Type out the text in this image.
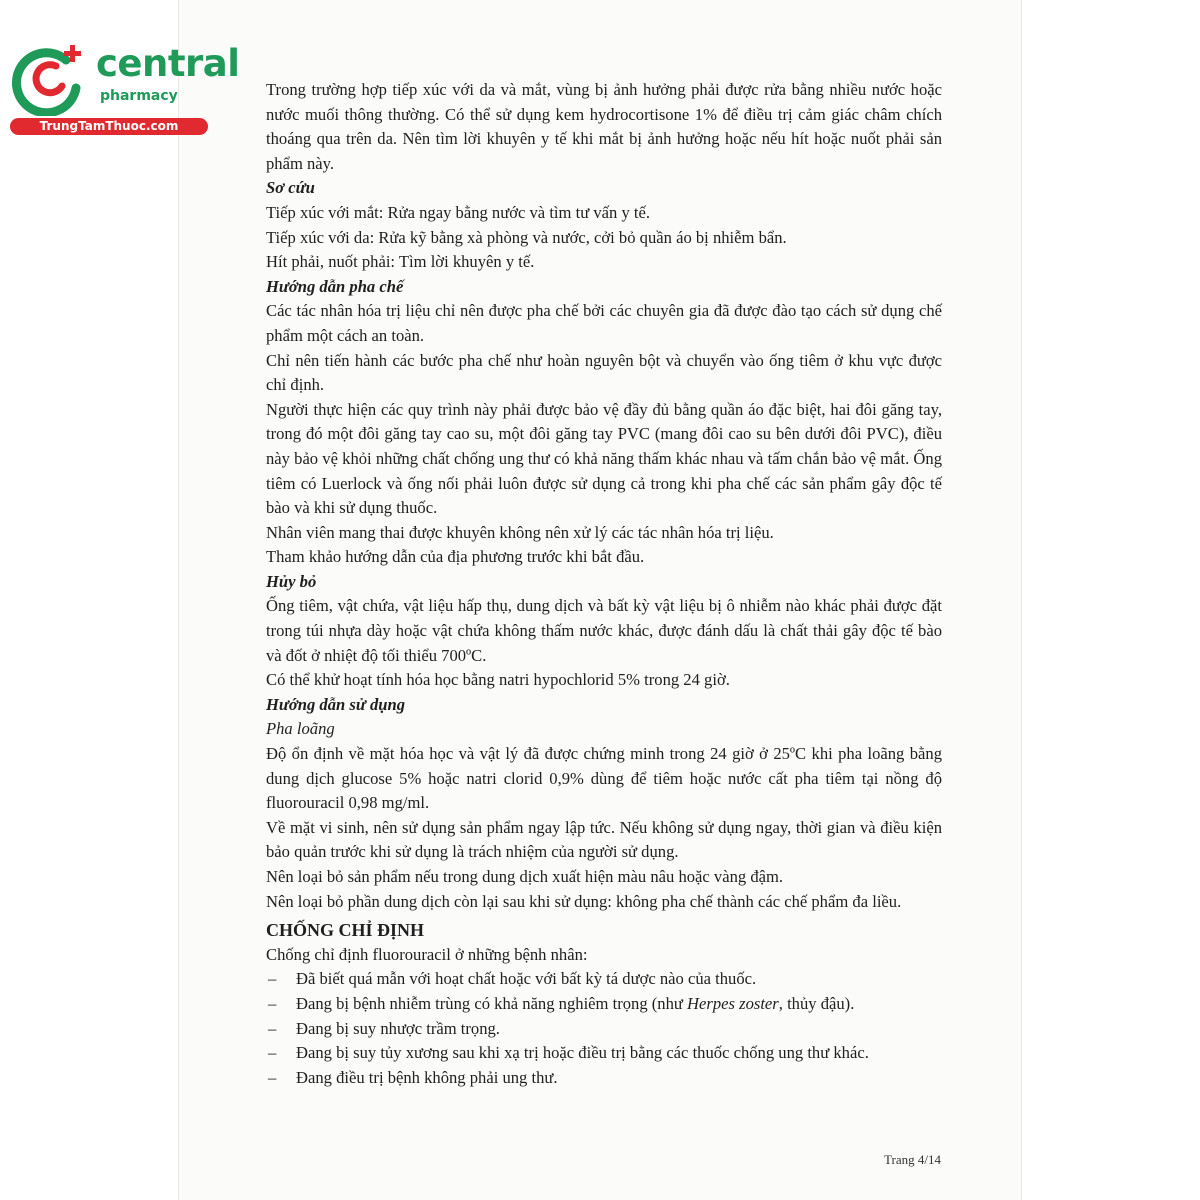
central
pharmacy
TrungTamThuoc.com

Trong trường hợp tiếp xúc với da và mắt, vùng bị ảnh hưởng phải được rửa bằng nhiều nước hoặc nước muối thông thường. Có thể sử dụng kem hydrocortisone 1% để điều trị cảm giác châm chích thoáng qua trên da. Nên tìm lời khuyên y tế khi mắt bị ảnh hưởng hoặc nếu hít hoặc nuốt phải sản phẩm này.

Sơ cứu

Tiếp xúc với mắt: Rửa ngay bằng nước và tìm tư vấn y tế.

Tiếp xúc với da: Rửa kỹ bằng xà phòng và nước, cởi bỏ quần áo bị nhiễm bẩn.

Hít phải, nuốt phải: Tìm lời khuyên y tế.

Hướng dẫn pha chế

Các tác nhân hóa trị liệu chỉ nên được pha chế bởi các chuyên gia đã được đào tạo cách sử dụng chế phẩm một cách an toàn.

Chỉ nên tiến hành các bước pha chế như hoàn nguyên bột và chuyển vào ống tiêm ở khu vực được chỉ định.

Người thực hiện các quy trình này phải được bảo vệ đầy đủ bằng quần áo đặc biệt, hai đôi găng tay, trong đó một đôi găng tay cao su, một đôi găng tay PVC (mang đôi cao su bên dưới đôi PVC), điều này bảo vệ khỏi những chất chống ung thư có khả năng thấm khác nhau và tấm chắn bảo vệ mắt. Ống tiêm có Luerlock và ống nối phải luôn được sử dụng cả trong khi pha chế các sản phẩm gây độc tế bào và khi sử dụng thuốc.

Nhân viên mang thai được khuyên không nên xử lý các tác nhân hóa trị liệu.

Tham khảo hướng dẫn của địa phương trước khi bắt đầu.

Hủy bỏ

Ống tiêm, vật chứa, vật liệu hấp thụ, dung dịch và bất kỳ vật liệu bị ô nhiễm nào khác phải được đặt trong túi nhựa dày hoặc vật chứa không thấm nước khác, được đánh dấu là chất thải gây độc tế bào và đốt ở nhiệt độ tối thiểu 700ºC.

Có thể khử hoạt tính hóa học bằng natri hypochlorid 5% trong 24 giờ.

Hướng dẫn sử dụng

Pha loãng

Độ ổn định về mặt hóa học và vật lý đã được chứng minh trong 24 giờ ở 25ºC khi pha loãng bằng dung dịch glucose 5% hoặc natri clorid 0,9% dùng để tiêm hoặc nước cất pha tiêm tại nồng độ fluorouracil 0,98 mg/ml.

Về mặt vi sinh, nên sử dụng sản phẩm ngay lập tức. Nếu không sử dụng ngay, thời gian và điều kiện bảo quản trước khi sử dụng là trách nhiệm của người sử dụng.

Nên loại bỏ sản phẩm nếu trong dung dịch xuất hiện màu nâu hoặc vàng đậm.

Nên loại bỏ phần dung dịch còn lại sau khi sử dụng: không pha chế thành các chế phẩm đa liều.

CHỐNG CHỈ ĐỊNH

Chống chỉ định fluorouracil ở những bệnh nhân:

– Đã biết quá mẫn với hoạt chất hoặc với bất kỳ tá dược nào của thuốc.
– Đang bị bệnh nhiễm trùng có khả năng nghiêm trọng (như Herpes zoster, thủy đậu).
– Đang bị suy nhược trầm trọng.
– Đang bị suy tủy xương sau khi xạ trị hoặc điều trị bằng các thuốc chống ung thư khác.
– Đang điều trị bệnh không phải ung thư.
Trang 4/14
